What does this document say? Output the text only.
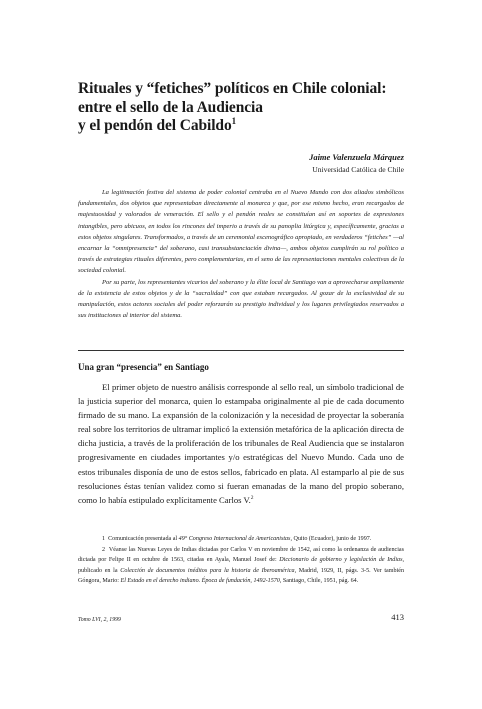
Rituales y “fetiches” políticos en Chile colonial:
entre el sello de la Audiencia
y el pendón del Cabildo$^1$

Jaime Valenzuela Márquez

Universidad Católica de Chile

La legitimación festiva del sistema de poder colonial centraba en el Nuevo Mundo con dos aliados simbólicos fundamentales, dos objetos que representaban directamente al monarca y que, por ese mismo hecho, eran recargados de majestuosidad y valorados de veneración. El sello y el pendón reales se constituían así en soportes de expresiones intangibles, pero ubicuos, en todos los rincones del imperio a través de su panoplia litúrgica y, específicamente, gracias a estos objetos singulares. Transformados, a través de un ceremonial escenográfico apropiado, en verdaderos “fetiches” —al encarnar la “omnipresencia” del soberano, casi transubstanciación divina—, ambos objetos cumplirán su rol político a través de estrategias rituales diferentes, pero complementarias, en el seno de las representaciones mentales colectivas de la sociedad colonial.

Por su parte, los representantes vicarios del soberano y la élite local de Santiago van a aprovecharse ampliamente de la existencia de estos objetos y de la “sacralidad” con que estaban recargados. Al gozar de la exclusividad de su manipulación, estos actores sociales del poder reforzarán su prestigio individual y los lugares privilegiados reservados a sus instituciones al interior del sistema.

Una gran “presencia” en Santiago

El primer objeto de nuestro análisis corresponde al sello real, un símbolo tradicional de la justicia superior del monarca, quien lo estampaba originalmente al pie de cada documento firmado de su mano. La expansión de la colonización y la necesidad de proyectar la soberanía real sobre los territorios de ultramar implicó la extensión metafórica de la aplicación directa de dicha justicia, a través de la proliferación de los tribunales de Real Audiencia que se instalaron progresivamente en ciudades importantes y/o estratégicas del Nuevo Mundo. Cada uno de estos tribunales disponía de uno de estos sellos, fabricado en plata. Al estamparlo al pie de sus resoluciones éstas tenían validez como si fueran emanadas de la mano del propio soberano, como lo había estipulado explícitamente Carlos V.$^2$

1 Comunicación presentada al 49° Congreso Internacional de Americanistas, Quito (Ecuador), junio de 1997.

2 Véanse las Nuevas Leyes de Indias dictadas por Carlos V en noviembre de 1542, así como la ordenanza de audiencias dictada por Felipe II en octubre de 1563, citadas en Ayala, Manuel Josef de: Diccionario de gobierno y legislación de Indias, publicado en la Colección de documentos inéditos para la historia de Iberoamérica, Madrid, 1929, II, págs. 3-5. Ver también Góngora, Mario: El Estado en el derecho indiano. Época de fundación, 1492-1570, Santiago, Chile, 1951, pág. 64.

Tomo LVI, 2, 1999	413
